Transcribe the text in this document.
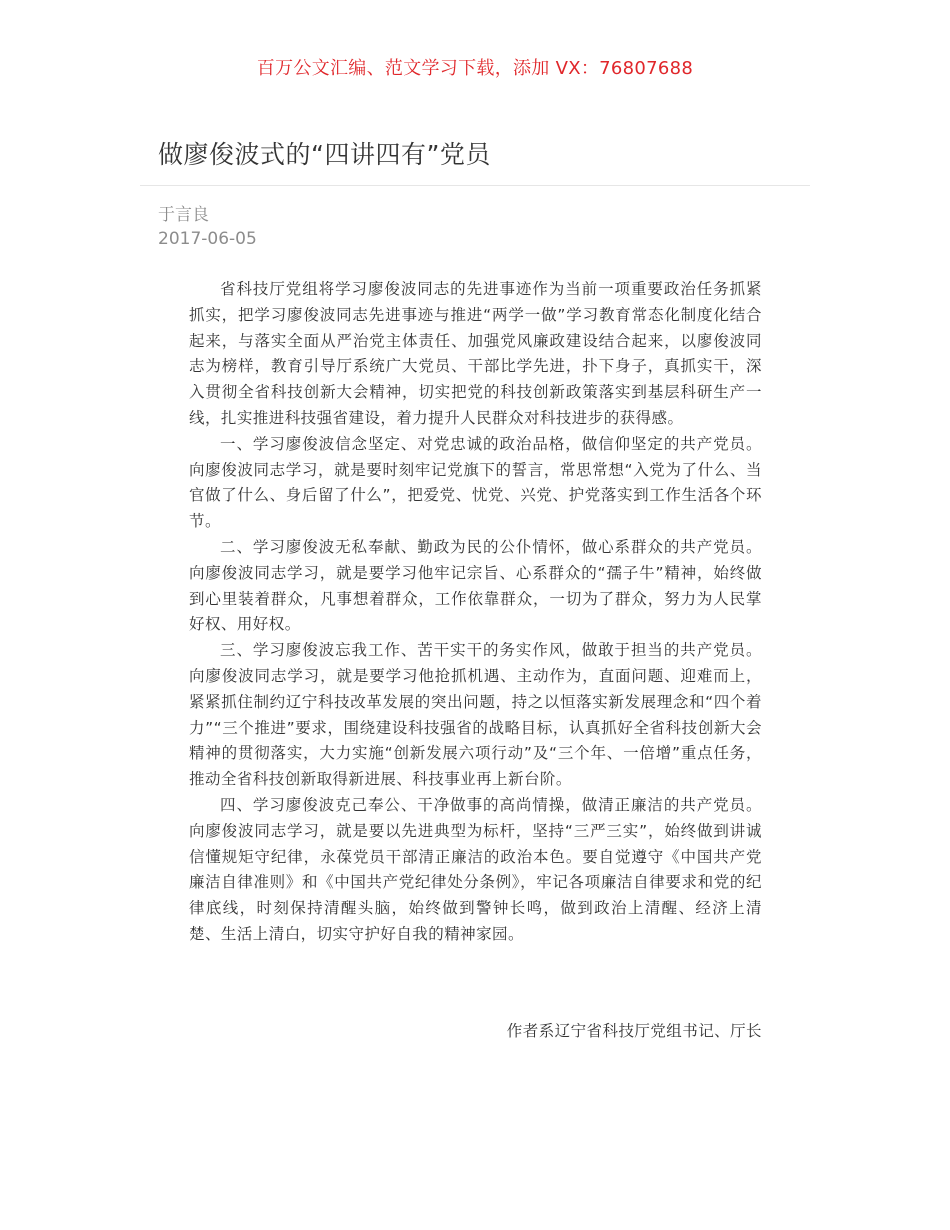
百万公文汇编、范文学习下载，添加 VX：76807688
做廖俊波式的“四讲四有”党员
于言良
2017-06-05

省科技厅党组将学习廖俊波同志的先进事迹作为当前一项重要政治任务抓紧抓实，把学习廖俊波同志先进事迹与推进“两学一做”学习教育常态化制度化结合起来，与落实全面从严治党主体责任、加强党风廉政建设结合起来，以廖俊波同志为榜样，教育引导厅系统广大党员、干部比学先进，扑下身子，真抓实干，深入贯彻全省科技创新大会精神，切实把党的科技创新政策落实到基层科研生产一线，扎实推进科技强省建设，着力提升人民群众对科技进步的获得感。

一、学习廖俊波信念坚定、对党忠诚的政治品格，做信仰坚定的共产党员。向廖俊波同志学习，就是要时刻牢记党旗下的誓言，常思常想“入党为了什么、当官做了什么、身后留了什么”，把爱党、忧党、兴党、护党落实到工作生活各个环节。

二、学习廖俊波无私奉献、勤政为民的公仆情怀，做心系群众的共产党员。向廖俊波同志学习，就是要学习他牢记宗旨、心系群众的“孺子牛”精神，始终做到心里装着群众，凡事想着群众，工作依靠群众，一切为了群众，努力为人民掌好权、用好权。

三、学习廖俊波忘我工作、苦干实干的务实作风，做敢于担当的共产党员。向廖俊波同志学习，就是要学习他抢抓机遇、主动作为，直面问题、迎难而上，紧紧抓住制约辽宁科技改革发展的突出问题，持之以恒落实新发展理念和“四个着力”“三个推进”要求，围绕建设科技强省的战略目标，认真抓好全省科技创新大会精神的贯彻落实，大力实施“创新发展六项行动”及“三个年、一倍增”重点任务，推动全省科技创新取得新进展、科技事业再上新台阶。

四、学习廖俊波克己奉公、干净做事的高尚情操，做清正廉洁的共产党员。向廖俊波同志学习，就是要以先进典型为标杆，坚持“三严三实”，始终做到讲诚信懂规矩守纪律，永葆党员干部清正廉洁的政治本色。要自觉遵守《中国共产党廉洁自律准则》和《中国共产党纪律处分条例》，牢记各项廉洁自律要求和党的纪律底线，时刻保持清醒头脑，始终做到警钟长鸣，做到政治上清醒、经济上清楚、生活上清白，切实守护好自我的精神家园。

作者系辽宁省科技厅党组书记、厅长
